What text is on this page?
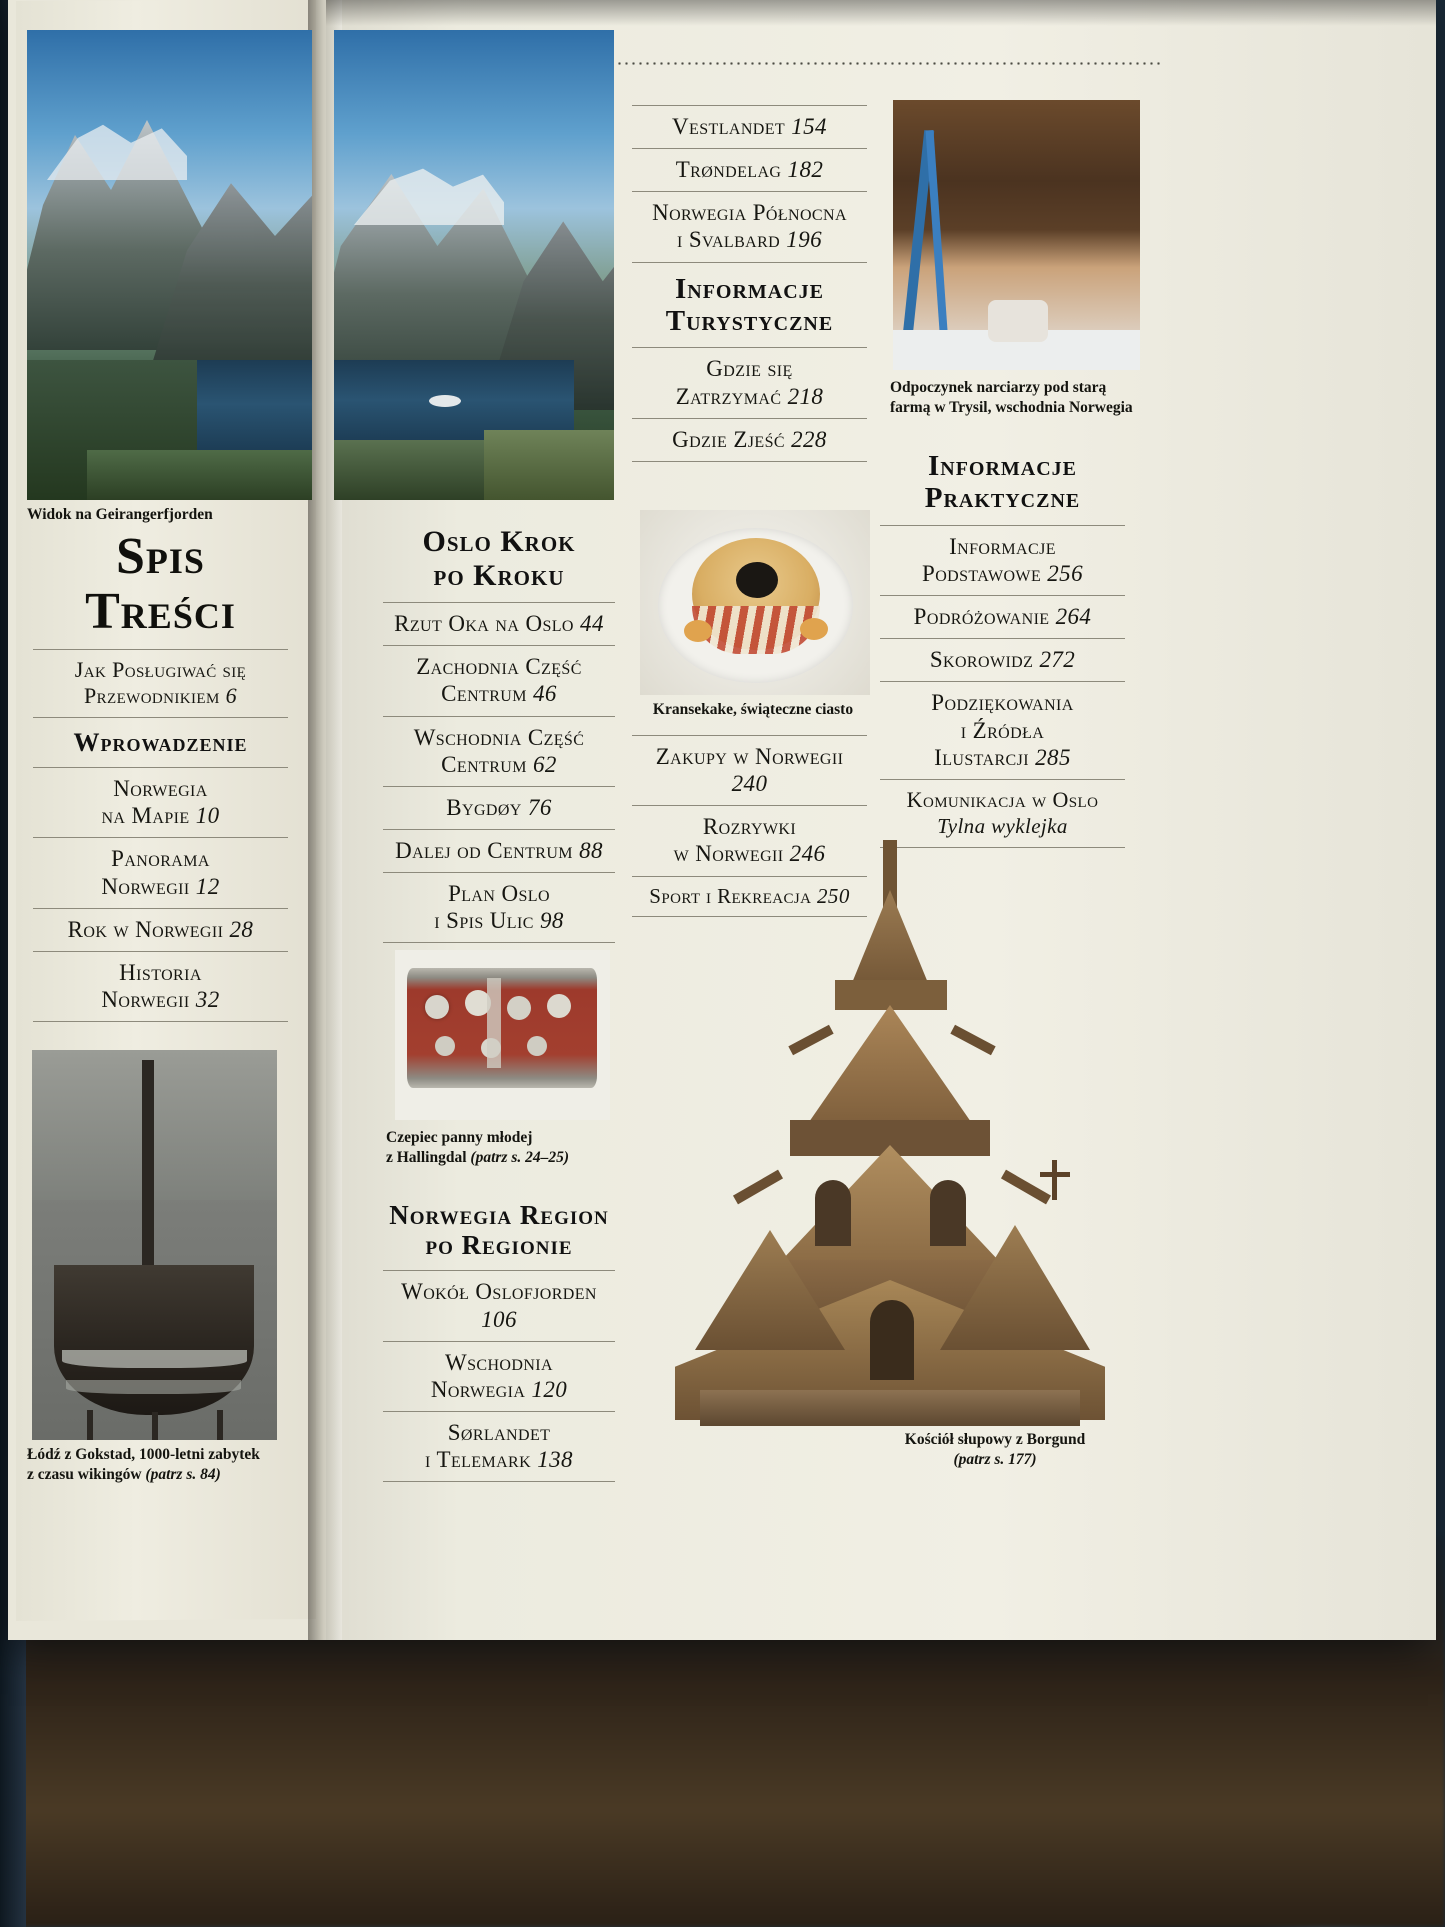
Widok na Geirangerfjorden
Spis
Treści
Jak Posługiwać się
Przewodnikiem 6
Wprowadzenie
Norwegia
na Mapie 10
Panorama
Norwegii 12
Rok w Norwegii 28
Historia
Norwegii 32
Łódź z Gokstad, 1000-letni zabytek
z czasu wikingów (patrz s. 84)
Oslo Krok
po Kroku
Rzut Oka na Oslo 44
Zachodnia Część
Centrum 46
Wschodnia Część
Centrum 62
Bygdøy 76
Dalej od Centrum 88
Plan Oslo
i Spis Ulic 98
Czepiec panny młodej
z Hallingdal (patrz s. 24–25)
Norwegia Region
po Regionie
Wokół Oslofjorden 106
Wschodnia
Norwegia 120
Sørlandet
i Telemark 138
Vestlandet 154
Trøndelag 182
Norwegia Północna
i Svalbard 196
Informacje
Turystyczne
Gdzie się
Zatrzymać 218
Gdzie Zjeść 228
Kransekake, świąteczne ciasto
Zakupy w Norwegii
240
Rozrywki
w Norwegii 246
Sport i Rekreacja 250
Odpoczynek narciarzy pod starą
farmą w Trysil, wschodnia Norwegia
Informacje
Praktyczne
Informacje
Podstawowe 256
Podróżowanie 264
Skorowidz 272
Podziękowania
i Źródła
Ilustarcji 285
Komunikacja w Oslo
Tylna wyklejka
Kościół słupowy z Borgund
(patrz s. 177)
